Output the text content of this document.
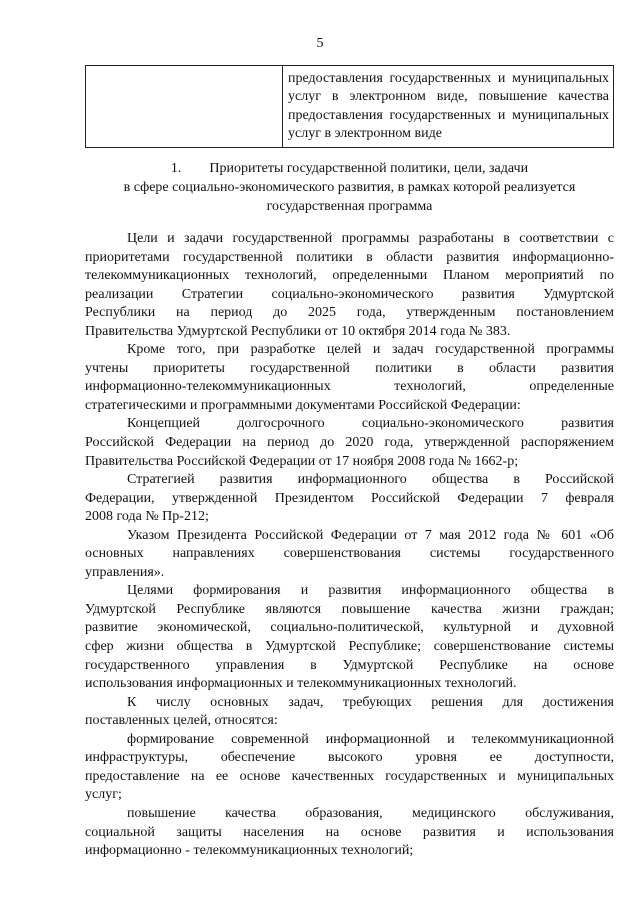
5

предоставления государственных и муниципальных
услуг в электронном виде, повышение качества
предоставления государственных и муниципальных
услуг в электронном виде
1.        Приоритеты государственной политики, цели, задачи
в сфере социально-экономического развития, в рамках которой реализуется
государственная программа
Цели и задачи государственной программы разработаны в соответствии с
приоритетами государственной политики в области развития информационно-
телекоммуникационных технологий, определенными Планом мероприятий по
реализации Стратегии социально-экономического развития Удмуртской
Республики на период до 2025 года, утвержденным постановлением
Правительства Удмуртской Республики от 10 октября 2014 года № 383.
Кроме того, при разработке целей и задач государственной программы
учтены приоритеты государственной политики в области развития
информационно-телекоммуникационных технологий, определенные
стратегическими и программными документами Российской Федерации:
Концепцией долгосрочного социально-экономического развития
Российской Федерации на период до 2020 года, утвержденной распоряжением
Правительства Российской Федерации от 17 ноября 2008 года № 1662-р;
Стратегией развития информационного общества в Российской
Федерации, утвержденной Президентом Российской Федерации 7 февраля
2008 года № Пр-212;
Указом Президента Российской Федерации от 7 мая 2012 года № 601 «Об
основных направлениях совершенствования системы государственного
управления».
Целями формирования и развития информационного общества в
Удмуртской Республике являются повышение качества жизни граждан;
развитие экономической, социально-политической, культурной и духовной
сфер жизни общества в Удмуртской Республике; совершенствование системы
государственного управления в Удмуртской Республике на основе
использования информационных и телекоммуникационных технологий.
К числу основных задач, требующих решения для достижения
поставленных целей, относятся:
формирование современной информационной и телекоммуникационной
инфраструктуры, обеспечение высокого уровня ее доступности,
предоставление на ее основе качественных государственных и муниципальных
услуг;
повышение качества образования, медицинского обслуживания,
социальной защиты населения на основе развития и использования
информационно - телекоммуникационных технологий;
